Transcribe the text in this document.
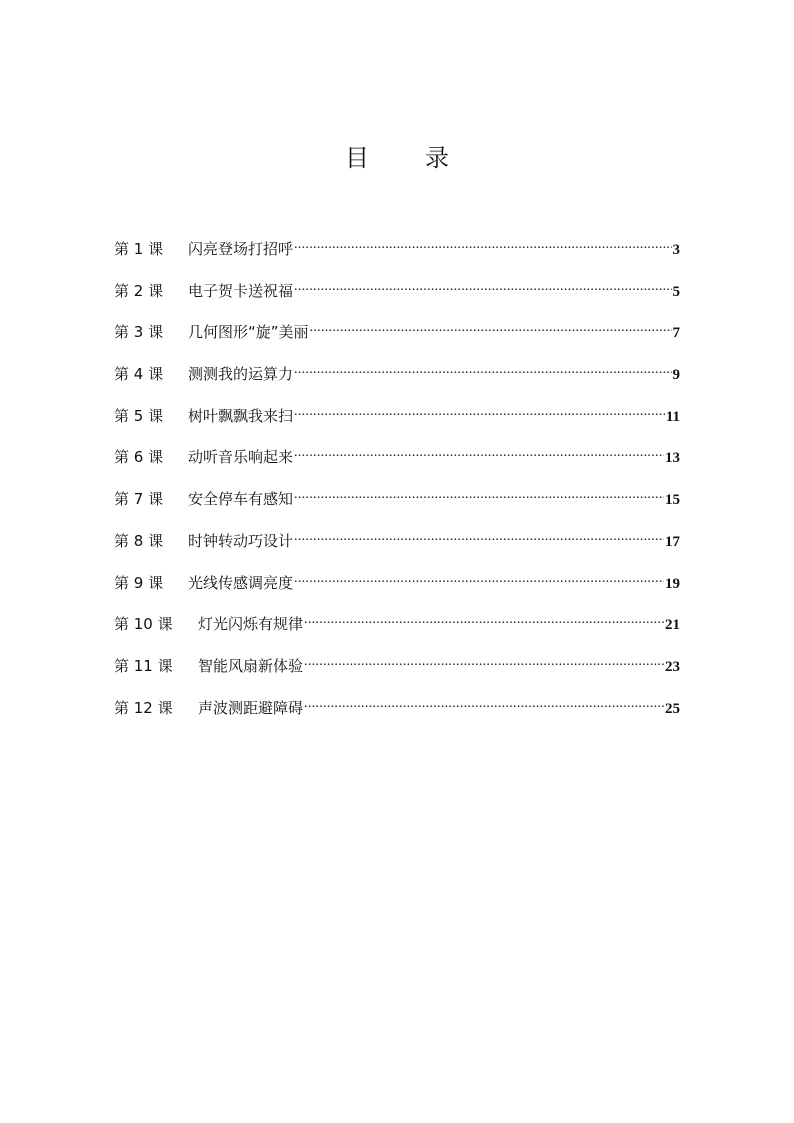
目 录
第 1 课	闪亮登场打招呼 .....	3
第 2 课	电子贺卡送祝福 .....	5
第 3 课	几何图形“旋”美丽 .....	7
第 4 课	测测我的运算力 .....	9
第 5 课	树叶飘飘我来扫 .....	11
第 6 课	动听音乐响起来 .....	13
第 7 课	安全停车有感知 .....	15
第 8 课	时钟转动巧设计 .....	17
第 9 课	光线传感调亮度 .....	19
第 10 课	灯光闪烁有规律 .....	21
第 11 课	智能风扇新体验 .....	23
第 12 课	声波测距避障碍 .....	25
